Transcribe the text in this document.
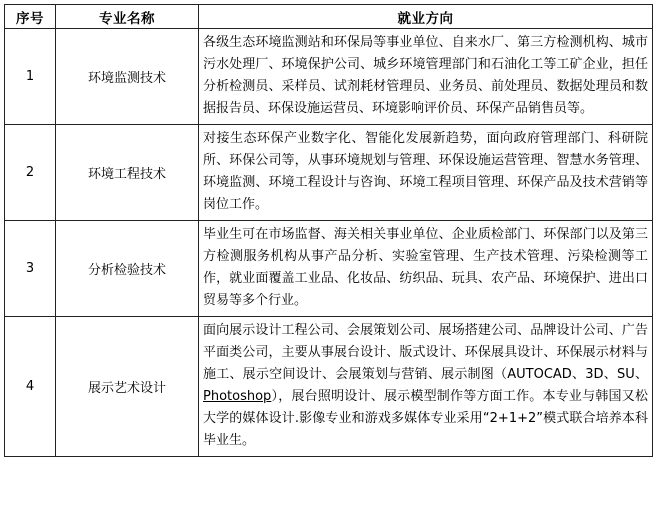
序号	专业名称	就业方向
1	环境监测技术	各级生态环境监测站和环保局等事业单位、自来水厂、第三方检测机构、城市污水处理厂、环境保护公司、城乡环境管理部门和石油化工等工矿企业，担任分析检测员、采样员、试剂耗材管理员、业务员、前处理员、数据处理员和数据报告员、环保设施运营员、环境影响评价员、环保产品销售员等。
2	环境工程技术	对接生态环保产业数字化、智能化发展新趋势，面向政府管理部门、科研院所、环保公司等，从事环境规划与管理、环保设施运营管理、智慧水务管理、环境监测、环境工程设计与咨询、环境工程项目管理、环保产品及技术营销等岗位工作。
3	分析检验技术	毕业生可在市场监督、海关相关事业单位、企业质检部门、环保部门以及第三方检测服务机构从事产品分析、实验室管理、生产技术管理、污染检测等工作，就业面覆盖工业品、化妆品、纺织品、玩具、农产品、环境保护、进出口贸易等多个行业。
4	展示艺术设计	面向展示设计工程公司、会展策划公司、展场搭建公司、品牌设计公司、广告平面类公司，主要从事展台设计、版式设计、环保展具设计、环保展示材料与施工、展示空间设计、会展策划与营销、展示制图（AUTOCAD、3D、SU、Photoshop），展台照明设计、展示模型制作等方面工作。本专业与韩国又松大学的媒体设计.影像专业和游戏多媒体专业采用“2+1+2”模式联合培养本科毕业生。
